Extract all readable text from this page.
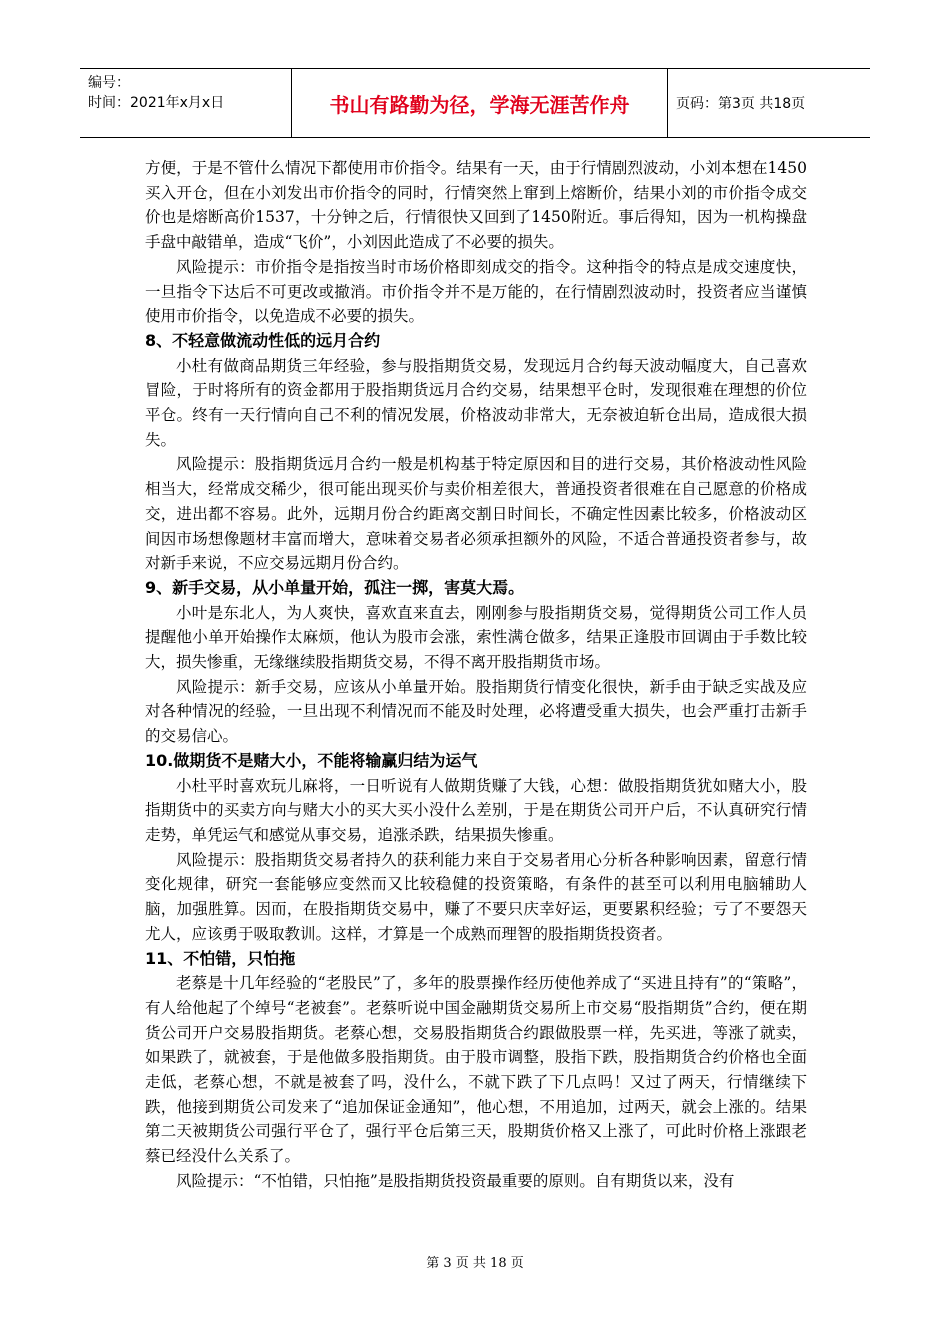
编号：
时间：2021年x月x日	书山有路勤为径，学海无涯苦作舟	页码：第3页 共18页

方便，于是不管什么情况下都使用市价指令。结果有一天，由于行情剧烈波动，小刘本想在1450买入开仓，但在小刘发出市价指令的同时，行情突然上窜到上熔断价，结果小刘的市价指令成交价也是熔断高价1537，十分钟之后，行情很快又回到了1450附近。事后得知，因为一机构操盘手盘中敲错单，造成“飞价”，小刘因此造成了不必要的损失。

风险提示：市价指令是指按当时市场价格即刻成交的指令。这种指令的特点是成交速度快，一旦指令下达后不可更改或撤消。市价指令并不是万能的，在行情剧烈波动时，投资者应当谨慎使用市价指令，以免造成不必要的损失。

8、不轻意做流动性低的远月合约

小杜有做商品期货三年经验，参与股指期货交易，发现远月合约每天波动幅度大，自己喜欢冒险，于时将所有的资金都用于股指期货远月合约交易，结果想平仓时，发现很难在理想的价位平仓。终有一天行情向自己不利的情况发展，价格波动非常大，无奈被迫斩仓出局，造成很大损失。

风险提示：股指期货远月合约一般是机构基于特定原因和目的进行交易，其价格波动性风险相当大，经常成交稀少，很可能出现买价与卖价相差很大，普通投资者很难在自己愿意的价格成交，进出都不容易。此外，远期月份合约距离交割日时间长，不确定性因素比较多，价格波动区间因市场想像题材丰富而增大，意味着交易者必须承担额外的风险，不适合普通投资者参与，故对新手来说，不应交易远期月份合约。

9、新手交易，从小单量开始，孤注一掷，害莫大焉。

小叶是东北人，为人爽快，喜欢直来直去，刚刚参与股指期货交易，觉得期货公司工作人员提醒他小单开始操作太麻烦，他认为股市会涨，索性满仓做多，结果正逢股市回调由于手数比较大，损失惨重，无缘继续股指期货交易，不得不离开股指期货市场。

风险提示：新手交易，应该从小单量开始。股指期货行情变化很快，新手由于缺乏实战及应对各种情况的经验，一旦出现不利情况而不能及时处理，必将遭受重大损失，也会严重打击新手的交易信心。

10.做期货不是赌大小，不能将输赢归结为运气

小杜平时喜欢玩儿麻将，一日听说有人做期货赚了大钱，心想：做股指期货犹如赌大小，股指期货中的买卖方向与赌大小的买大买小没什么差别，于是在期货公司开户后，不认真研究行情走势，单凭运气和感觉从事交易，追涨杀跌，结果损失惨重。

风险提示：股指期货交易者持久的获利能力来自于交易者用心分析各种影响因素，留意行情变化规律，研究一套能够应变然而又比较稳健的投资策略，有条件的甚至可以利用电脑辅助人脑，加强胜算。因而，在股指期货交易中，赚了不要只庆幸好运，更要累积经验；亏了不要怨天尤人，应该勇于吸取教训。这样，才算是一个成熟而理智的股指期货投资者。

11、不怕错，只怕拖

老蔡是十几年经验的“老股民”了，多年的股票操作经历使他养成了“买进且持有”的“策略”，有人给他起了个绰号“老被套”。老蔡听说中国金融期货交易所上市交易“股指期货”合约，便在期货公司开户交易股指期货。老蔡心想，交易股指期货合约跟做股票一样，先买进，等涨了就卖，如果跌了，就被套，于是他做多股指期货。由于股市调整，股指下跌，股指期货合约价格也全面走低，老蔡心想，不就是被套了吗，没什么，不就下跌了下几点吗！又过了两天，行情继续下跌，他接到期货公司发来了“追加保证金通知”，他心想，不用追加，过两天，就会上涨的。结果第二天被期货公司强行平仓了，强行平仓后第三天，股期货价格又上涨了，可此时价格上涨跟老蔡已经没什么关系了。

风险提示：“不怕错，只怕拖”是股指期货投资最重要的原则。自有期货以来，没有

第 3 页 共 18 页
